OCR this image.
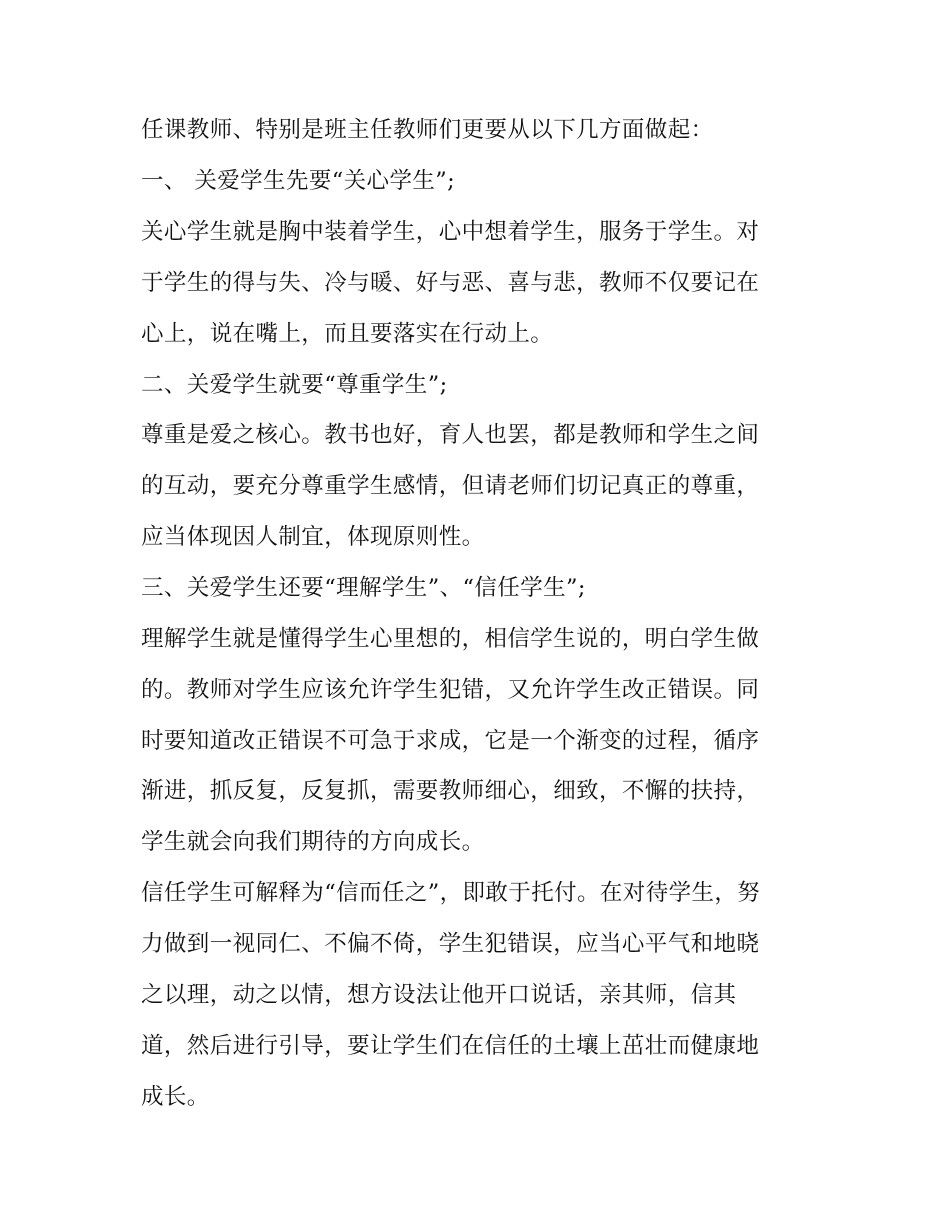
任课教师、特别是班主任教师们更要从以下几方面做起：
一、 关爱学生先要“关心学生”;
关心学生就是胸中装着学生，心中想着学生，服务于学生。对
于学生的得与失、冷与暖、好与恶、喜与悲，教师不仅要记在
心上，说在嘴上，而且要落实在行动上。
二、关爱学生就要“尊重学生”;
尊重是爱之核心。教书也好，育人也罢，都是教师和学生之间
的互动，要充分尊重学生感情，但请老师们切记真正的尊重，
应当体现因人制宜，体现原则性。
三、关爱学生还要“理解学生”、“信任学生”;
理解学生就是懂得学生心里想的，相信学生说的，明白学生做
的。教师对学生应该允许学生犯错，又允许学生改正错误。同
时要知道改正错误不可急于求成，它是一个渐变的过程，循序
渐进，抓反复，反复抓，需要教师细心，细致，不懈的扶持，
学生就会向我们期待的方向成长。
信任学生可解释为“信而任之”，即敢于托付。在对待学生，努
力做到一视同仁、不偏不倚，学生犯错误，应当心平气和地晓
之以理，动之以情，想方设法让他开口说话，亲其师，信其
道，然后进行引导，要让学生们在信任的土壤上茁壮而健康地
成长。
